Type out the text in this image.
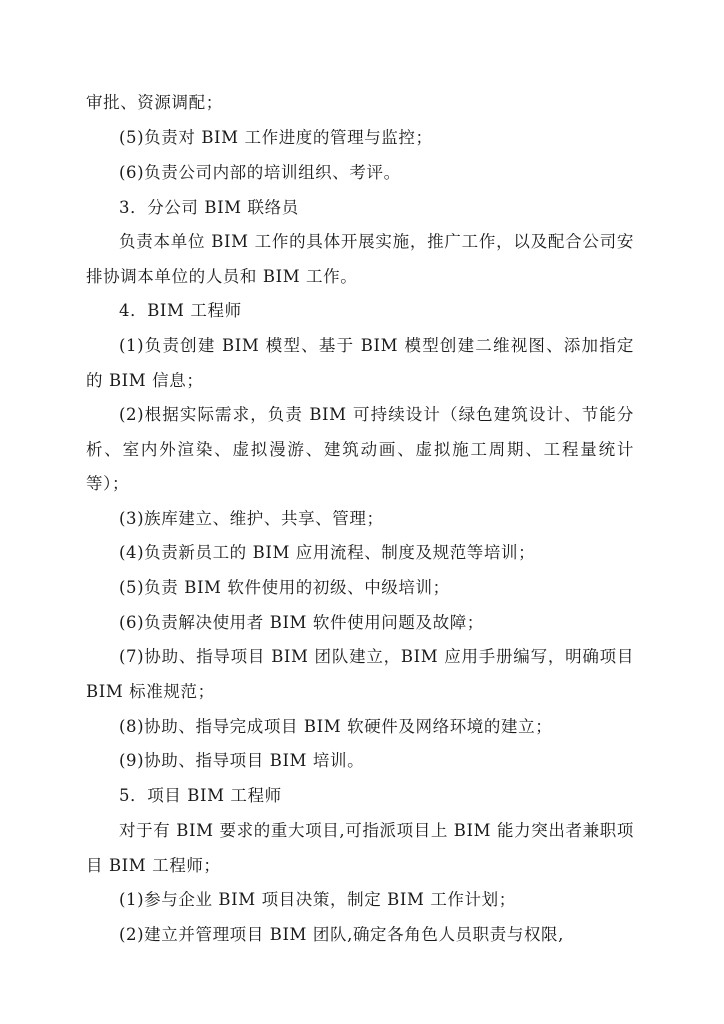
审批、资源调配；

(5)负责对 BIM 工作进度的管理与监控；

(6)负责公司内部的培训组织、考评。

3．分公司 BIM 联络员

负责本单位 BIM 工作的具体开展实施，推广工作，以及配合公司安排协调本单位的人员和 BIM 工作。

4．BIM 工程师

(1)负责创建 BIM 模型、基于 BIM 模型创建二维视图、添加指定的 BIM 信息；

(2)根据实际需求，负责 BIM 可持续设计（绿色建筑设计、节能分析、室内外渲染、虚拟漫游、建筑动画、虚拟施工周期、工程量统计等）；

(3)族库建立、维护、共享、管理；

(4)负责新员工的 BIM 应用流程、制度及规范等培训；

(5)负责 BIM 软件使用的初级、中级培训；

(6)负责解决使用者 BIM 软件使用问题及故障；

(7)协助、指导项目 BIM 团队建立，BIM 应用手册编写，明确项目 BIM 标准规范；

(8)协助、指导完成项目 BIM 软硬件及网络环境的建立；

(9)协助、指导项目 BIM 培训。

5．项目 BIM 工程师

对于有 BIM 要求的重大项目,可指派项目上 BIM 能力突出者兼职项目 BIM 工程师；

(1)参与企业 BIM 项目决策，制定 BIM 工作计划；

(2)建立并管理项目 BIM 团队,确定各角色人员职责与权限,
